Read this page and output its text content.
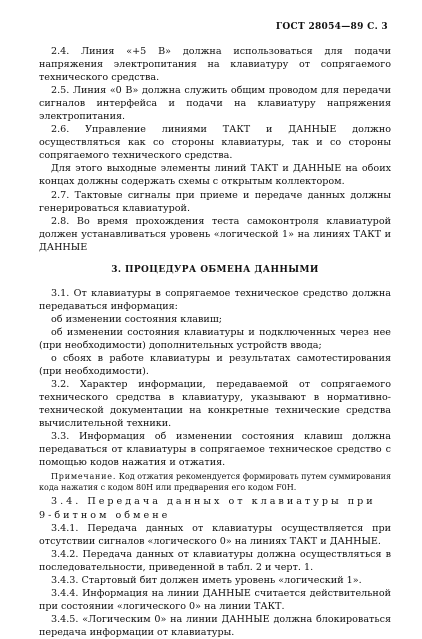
ГОСТ 28054—89 С. 3

2.4. Линия «+5 В» должна использоваться для подачи напряжения электропитания на клавиатуру от сопрягаемого технического средства.

2.5. Линия «0 В» должна служить общим проводом для передачи сигналов интерфейса и подачи на клавиатуру напряжения электропитания.

2.6. Управление линиями ТАКТ и ДАННЫЕ должно осуществляться как со стороны клавиатуры, так и со стороны сопрягаемого технического средства.

Для этого выходные элементы линий ТАКТ и ДАННЫЕ на обоих концах должны содержать схемы с открытым коллектором.

2.7. Тактовые сигналы при приеме и передаче данных должны генерироваться клавиатурой.

2.8. Во время прохождения теста самоконтроля клавиатурой должен устанавливаться уровень «логической 1» на линиях ТАКТ и ДАННЫЕ

3. ПРОЦЕДУРА ОБМЕНА ДАННЫМИ

3.1. От клавиатуры в сопрягаемое техническое средство должна передаваться информация:

об изменении состояния клавиш;

об изменении состояния клавиатуры и подключенных через нее (при необходимости) дополнительных устройств ввода;

о сбоях в работе клавиатуры и результатах самотестирования (при необходимости).

3.2. Характер информации, передаваемой от сопрягаемого технического средства в клавиатуру, указывают в нормативно-технической документации на конкретные технические средства вычислительной техники.

3.3. Информация об изменении состояния клавиш должна передаваться от клавиатуры в сопрягаемое техническое средство с помощью кодов нажатия и отжатия.

Примечание. Код отжатия рекомендуется формировать путем суммирования кода нажатия с кодом 80Н или предварения его кодом F0H.

3.4. Передача данных от клавиатуры при

9-битном обмене

3.4.1. Передача данных от клавиатуры осуществляется при отсутствии сигналов «логического 0» на линиях ТАКТ и ДАННЫЕ.

3.4.2. Передача данных от клавиатуры должна осуществляться в последовательности, приведенной в табл. 2 и черт. 1.

3.4.3. Стартовый бит должен иметь уровень «логический 1».

3.4.4. Информация на линии ДАННЫЕ считается действительной при состоянии «логического 0» на линии ТАКТ.

3.4.5. «Логическим 0» на линии ДАННЫЕ должна блокироваться передача информации от клавиатуры.
